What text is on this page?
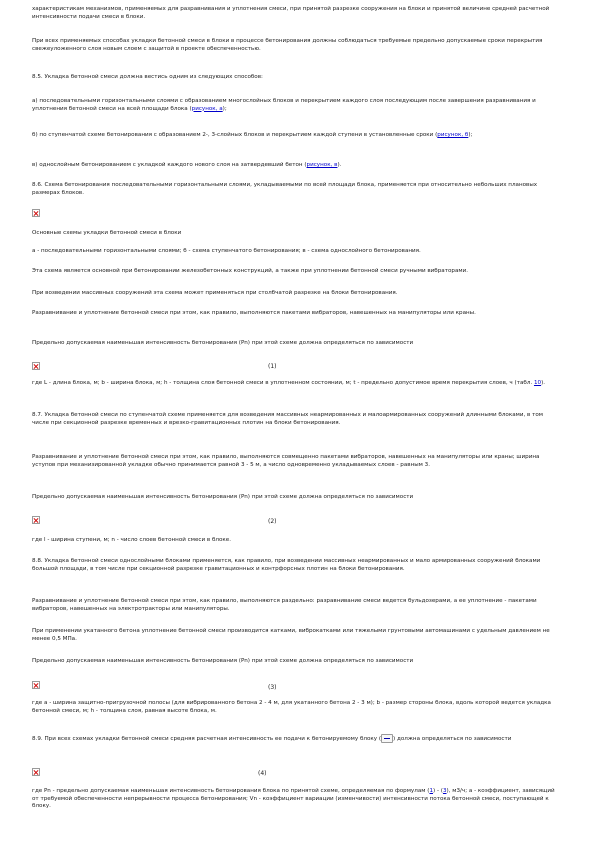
характеристикам механизмов, применяемых для разравнивания и уплотнения смеси, при принятой разрезке сооружения на блоки и принятой величине средней расчетной интенсивности подачи смеси в блоки.

При всех применяемых способах укладки бетонной смеси в блоки в процессе бетонирования должны соблюдаться требуемые предельно допускаемые сроки перекрытия свежеуложенного слоя новым слоем с защитой в проекте обеспеченностью.

8.5. Укладка бетонной смеси должна вестись одним из следующих способов:

а) последовательными горизонтальными слоями с образованием многослойных блоков и перекрытием каждого слоя последующим после завершения разравнивания и уплотнения бетонной смеси на всей площади блока (рисунок, а);

б) по ступенчатой схеме бетонирования с образованием 2-, 3-слойных блоков и перекрытием каждой ступени в установленные сроки (рисунок, б);

в) однослойным бетонированием с укладкой каждого нового слоя на затвердевший бетон (рисунок, в).

8.6. Схема бетонирования последовательными горизонтальными слоями, укладываемыми по всей площади блока, применяется при относительно небольших плановых размерах блоков.

Основные схемы укладки бетонной смеси в блоки

а - последовательными горизонтальными слоями; б - схема ступенчатого бетонирования; в - схема однослойного бетонирования.

Эта схема является основной при бетонировании железобетонных конструкций, а также при уплотнении бетонной смеси ручными вибраторами.

При возведении массивных сооружений эта схема может применяться при столбчатой разрезке на блоки бетонирования.

Разравнивание и уплотнение бетонной смеси при этом, как правило, выполняются пакетами вибраторов, навешенных на манипуляторы или краны.

Предельно допускаемая наименьшая интенсивность бетонирования (Pn) при этой схеме должна определяться по зависимости

(1)

где L - длина блока, м; b - ширина блока, м; h - толщина слоя бетонной смеси в уплотненном состоянии, м; t - предельно допустимое время перекрытия слоев, ч (табл. 10).

8.7. Укладка бетонной смеси по ступенчатой схеме применяется для возведения массивных неармированных и малоармированных сооружений длинными блоками, в том числе при секционной разрезке временных и врезко-гравитационных плотин на блоки бетонирования.

Разравнивание и уплотнение бетонной смеси при этом, как правило, выполняются совмещенно пакетами вибраторов, навешенных на манипуляторы или краны; ширина уступов при механизированной укладке обычно принимается равной 3 - 5 м, а число одновременно укладываемых слоев - равным 3.

Предельно допускаемая наименьшая интенсивность бетонирования (Pn) при этой схеме должна определяться по зависимости

(2)

где l - ширина ступени, м; n - число слоев бетонной смеси в блоке.

8.8. Укладка бетонной смеси однослойными блоками применяется, как правило, при возведении массивных неармированных и мало армированных сооружений блоками большой площади, в том числе при секционной разрезке гравитационных и контрфорсных плотин на блоки бетонирования.

Разравнивание и уплотнение бетонной смеси при этом, как правило, выполняются раздельно: разравнивание смеси ведется бульдозерами, а ее уплотнение - пакетами вибраторов, навешенных на электротракторы или манипуляторы.

При применении укатанного бетона уплотнение бетонной смеси производится катками, виброкатками или тяжелыми грунтовыми автомашинами с удельным давлением не менее 0,5 МПа.

Предельно допускаемая наименьшая интенсивность бетонирования (Pn) при этой схеме должна определяться по зависимости

(3)

где a - ширина защитно-пригрузочной полосы (для вибрированного бетона 2 - 4 м, для укатанного бетона 2 - 3 м); b - размер стороны блока, вдоль которой ведется укладка бетонной смеси, м; h - толщина слоя, равная высоте блока, м.

8.9. При всех схемах укладки бетонной смеси средняя расчетная интенсивность ее подачи к бетонируемому блоку ( ) должна определяться по зависимости

(4)

где Pn - предельно допускаемая наименьшая интенсивность бетонирования блока по принятой схеме, определяемая по формулам (1) - (3), м3/ч; a - коэффициент, зависящий от требуемой обеспеченности непрерывности процесса бетонирования; Vn - коэффициент вариации (изменчивости) интенсивности потока бетонной смеси, поступающей к блоку.
